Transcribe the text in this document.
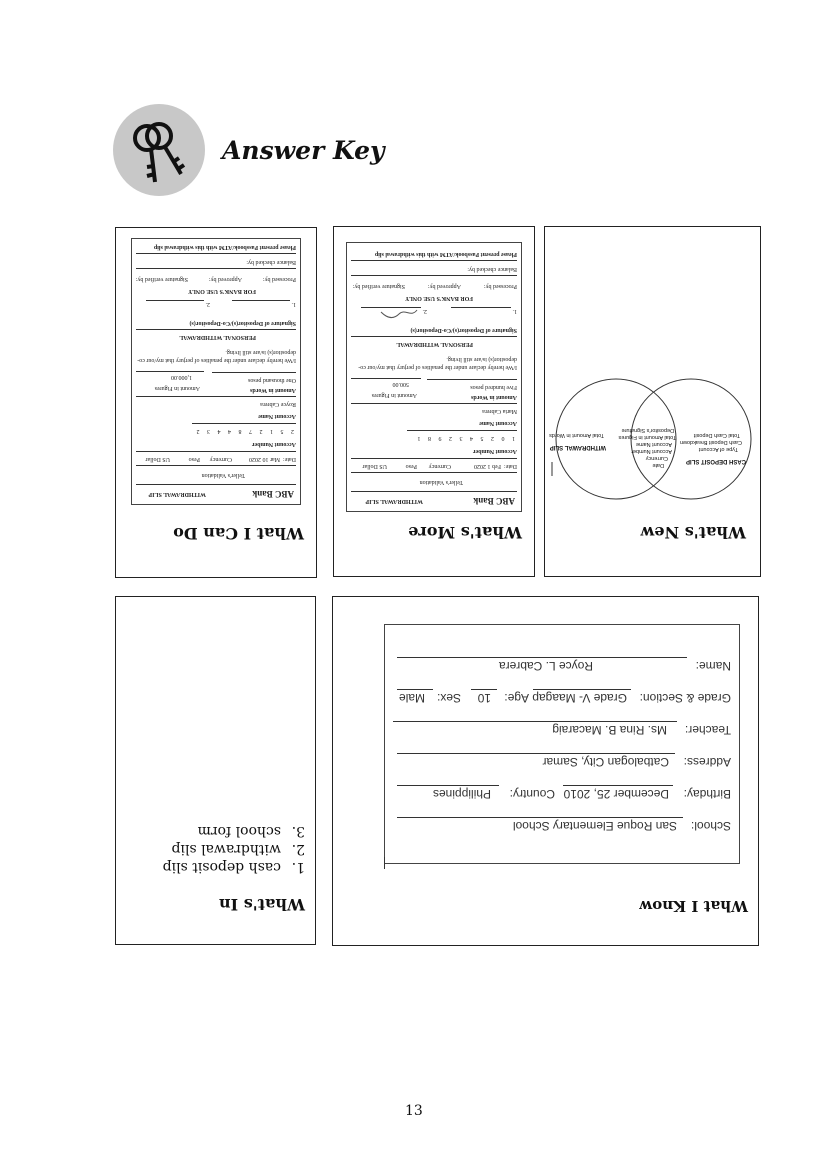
Answer Key
What I Can Do
ABC Bank
WITHDRAWAL SLIP
Teller's Validation
Date:
Mar 10 2020
Currency
Peso
US Dollar
Account Number
2 5 1 2 7 8 4 4 3 2
Account Name
Royce Cabrera
Amount in Words
One thousand pesos
Amount in Figures
1,000.00
I/We hereby declare under the penalties of perjury that my/our co-depositor(s) is/are still living.
PERSONAL WITHDRAWAL
Signature of Depositor(s)/Co-Depositor(s)
1.
2.
FOR BANK'S USE ONLY
Processed by:
Approved by:
Signature verified by:
Balance checked by:
Please present Passbook/ATM with this withdrawal slip
What's More
ABC Bank
WITHDRAWAL SLIP
Teller's Validation
Date:
Feb 1 2020
Currency
Peso
US Dollar
Account Number
1 0 2 5 4 3 2 9 8 1
Account Name
Maria Cabrera
Amount in Words
Five hundred pesos
Amount in Figures
500.00
I/We hereby declare under the penalties of perjury that my/our co-depositor(s) is/are still living.
PERSONAL WITHDRAWAL
Signature of Depositor(s)/Co-Depositor(s)
1.
2.
FOR BANK'S USE ONLY
Processed by:
Approved by:
Signature verified by:
Balance checked by:
Please present Passbook/ATM with this withdrawal slip
What's New
CASH DEPOSIT SLIP
Type of Account
Cash Deposit Breakdown
Total Cash Deposit
Date
Currency
Account Number
Account Name
Total Amount in Figures
Depositor's Signature
WITHDRAWAL SLIP
Total Amount in Words
What's In
1.cash deposit slip
2.withdrawal slip
3.school form
What I Know
School:
San Roque Elementary School
Birthday:
December 25, 2010
Country:
Philippines
Address:
Catbalogan City, Samar
Teacher:
Ms. Rina B. Macaraig
Grade & Section:
Grade V- Maagap
Age:
10
Sex:
Male
Name:
Royce L. Cabrera
13
